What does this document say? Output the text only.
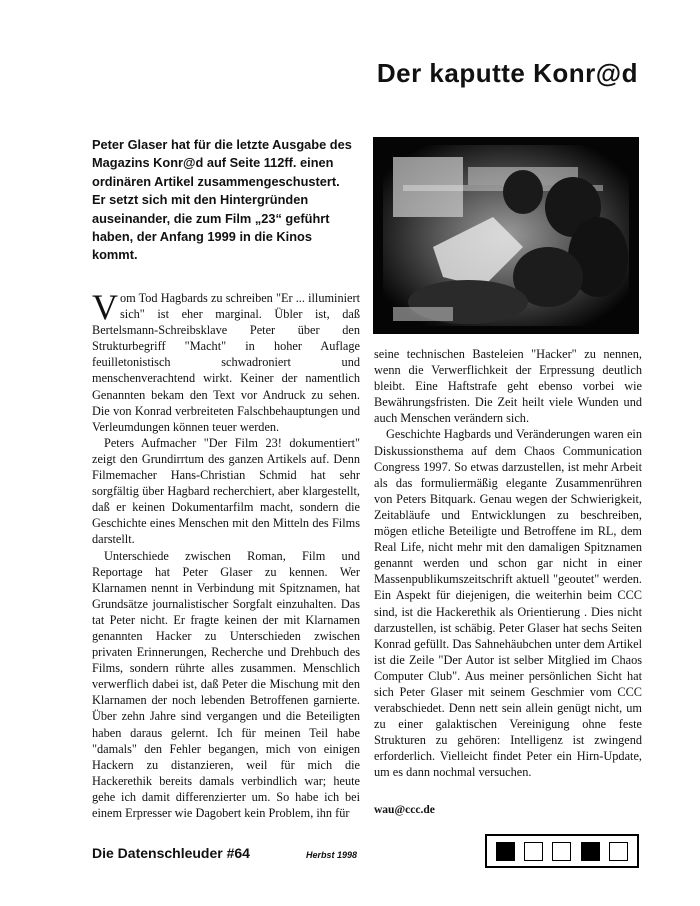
Der kaputte Konr@d

Peter Glaser hat für die letzte Ausgabe des Magazins Konr@d auf Seite 112ff. einen ordinären Artikel zusammengeschustert. Er setzt sich mit den Hintergründen auseinander, die zum Film „23“ geführt haben, der Anfang 1999 in die Kinos kommt.

V om Tod Hagbards zu schreiben "Er ... illuminiert sich" ist eher marginal. Übler ist, daß Bertelsmann-Schreibsklave Peter über den Strukturbegriff "Macht" in hoher Auflage feuilletonistisch schwadroniert und menschenverachtend wirkt. Keiner der namentlich Genannten bekam den Text vor Andruck zu sehen. Die von Konrad verbreiteten Falschbehauptungen und Verleumdungen können teuer werden.

Peters Aufmacher "Der Film 23! dokumentiert" zeigt den Grundirrtum des ganzen Artikels auf. Denn Filmemacher Hans-Christian Schmid hat sehr sorgfältig über Hagbard recherchiert, aber klargestellt, daß er keinen Dokumentarfilm macht, sondern die Geschichte eines Menschen mit den Mitteln des Films darstellt.

Unterschiede zwischen Roman, Film und Reportage hat Peter Glaser zu kennen. Wer Klarnamen nennt in Verbindung mit Spitznamen, hat Grundsätze journalistischer Sorgfalt einzuhalten. Das tat Peter nicht. Er fragte keinen der mit Klarnamen genannten Hacker zu Unterschieden zwischen privaten Erinnerungen, Recherche und Drehbuch des Films, sondern rührte alles zusammen. Menschlich verwerflich dabei ist, daß Peter die Mischung mit den Klarnamen der noch lebenden Betroffenen garnierte. Über zehn Jahre sind vergangen und die Beteiligten haben daraus gelernt. Ich für meinen Teil habe "damals" den Fehler begangen, mich von einigen Hackern zu distanzieren, weil für mich die Hackerethik bereits damals verbindlich war; heute gehe ich damit differenzierter um. So habe ich bei einem Erpresser wie Dagobert kein Problem, ihn für

seine technischen Basteleien "Hacker" zu nennen, wenn die Verwerflichkeit der Erpressung deutlich bleibt. Eine Haftstrafe geht ebenso vorbei wie Bewährungsfristen. Die Zeit heilt viele Wunden und auch Menschen verändern sich.

Geschichte Hagbards und Veränderungen waren ein Diskussionsthema auf dem Chaos Communication Congress 1997. So etwas darzustellen, ist mehr Arbeit als das formuliermäßig elegante Zusammenrühren von Peters Bitquark. Genau wegen der Schwierigkeit, Zeitabläufe und Entwicklungen zu beschreiben, mögen etliche Beteiligte und Betroffene im RL, dem Real Life, nicht mehr mit den damaligen Spitznamen genannt werden und schon gar nicht in einer Massenpublikumszeitschrift aktuell "geoutet" werden. Ein Aspekt für diejenigen, die weiterhin beim CCC sind, ist die Hackerethik als Orientierung . Dies nicht darzustellen, ist schäbig. Peter Glaser hat sechs Seiten Konrad gefüllt. Das Sahnehäubchen unter dem Artikel ist die Zeile "Der Autor ist selber Mitglied im Chaos Computer Club". Aus meiner persönlichen Sicht hat sich Peter Glaser mit seinem Geschmier vom CCC verabschiedet. Denn nett sein allein genügt nicht, um zu einer galaktischen Vereinigung ohne feste Strukturen zu gehören: Intelligenz ist zwingend erforderlich. Vielleicht findet Peter ein Hirn-Update, um es dann nochmal versuchen.

wau@ccc.de

Die Datenschleuder #64	Herbst 1998
